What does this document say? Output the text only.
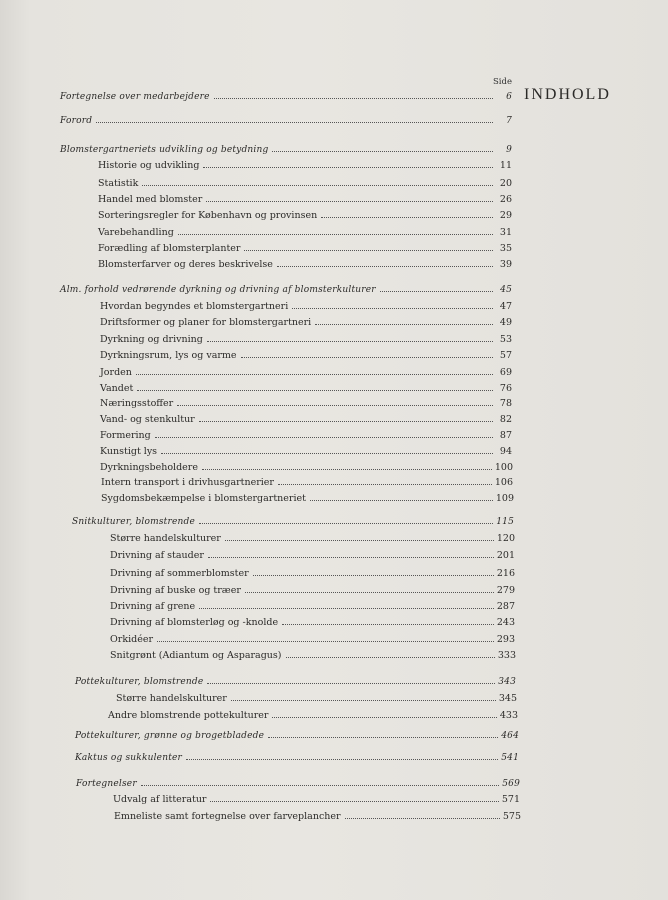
Side
INDHOLD
Fortegnelse over medarbejdere	6
Forord	7
Blomstergartneriets udvikling og betydning	9
Historie og udvikling	11
Statistik	20
Handel med blomster	26
Sorteringsregler for København og provinsen	29
Varebehandling	31
Forædling af blomsterplanter	35
Blomsterfarver og deres beskrivelse	39
Alm. forhold vedrørende dyrkning og drivning af blomsterkulturer	45
Hvordan begyndes et blomstergartneri	47
Driftsformer og planer for blomstergartneri	49
Dyrkning og drivning	53
Dyrkningsrum, lys og varme	57
Jorden	69
Vandet	76
Næringsstoffer	78
Vand- og stenkultur	82
Formering	87
Kunstigt lys	94
Dyrkningsbeholdere	100
Intern transport i drivhusgartnerier	106
Sygdomsbekæmpelse i blomstergartneriet	109
Snitkulturer, blomstrende	115
Større handelskulturer	120
Drivning af stauder	201
Drivning af sommerblomster	216
Drivning af buske og træer	279
Drivning af grene	287
Drivning af blomsterløg og -knolde	243
Orkidéer	293
Snitgrønt (Adiantum og Asparagus)	333
Pottekulturer, blomstrende	343
Større handelskulturer	345
Andre blomstrende pottekulturer	433
Pottekulturer, grønne og brogetbladede	464
Kaktus og sukkulenter	541
Fortegnelser	569
Udvalg af litteratur	571
Emneliste samt fortegnelse over farveplancher	575
